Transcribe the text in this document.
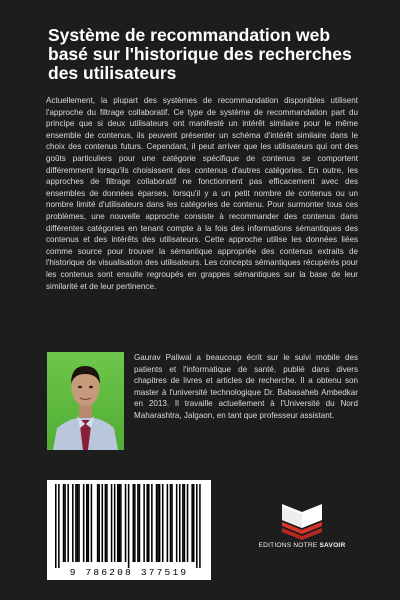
Système de recommandation web basé sur l'historique des recherches des utilisateurs

Actuellement, la plupart des systèmes de recommandation disponibles utilisent l'approche du filtrage collaboratif. Ce type de système de recommandation part du principe que si deux utilisateurs ont manifesté un intérêt similaire pour le même ensemble de contenus, ils peuvent présenter un schéma d'intérêt similaire dans le choix des contenus futurs. Cependant, il peut arriver que les utilisateurs qui ont des goûts particuliers pour une catégorie spécifique de contenus se comportent différemment lorsqu'ils choisissent des contenus d'autres catégories. En outre, les approches de filtrage collaboratif ne fonctionnent pas efficacement avec des ensembles de données éparses, lorsqu'il y a un petit nombre de contenus ou un nombre limité d'utilisateurs dans les catégories de contenu. Pour surmonter tous ces problèmes, une nouvelle approche consiste à recommander des contenus dans différentes catégories en tenant compte à la fois des informations sémantiques des contenus et des intérêts des utilisateurs. Cette approche utilise les données liées comme source pour trouver la sémantique appropriée des contenus extraits de l'historique de visualisation des utilisateurs. Les concepts sémantiques récupérés pour les contenus sont ensuite regroupés en grappes sémantiques sur la base de leur similarité et de leur pertinence.

Gaurav Paliwal a beaucoup écrit sur le suivi mobile des patients et l'informatique de santé, publié dans divers chapitres de livres et articles de recherche. Il a obtenu son master à l'université technologique Dr. Babasaheb Ambedkar en 2013. Il travaille actuellement à l'Université du Nord Maharashtra, Jalgaon, en tant que professeur assistant.

9 786208 377519
EDITIONS NOTRE SAVOIR
